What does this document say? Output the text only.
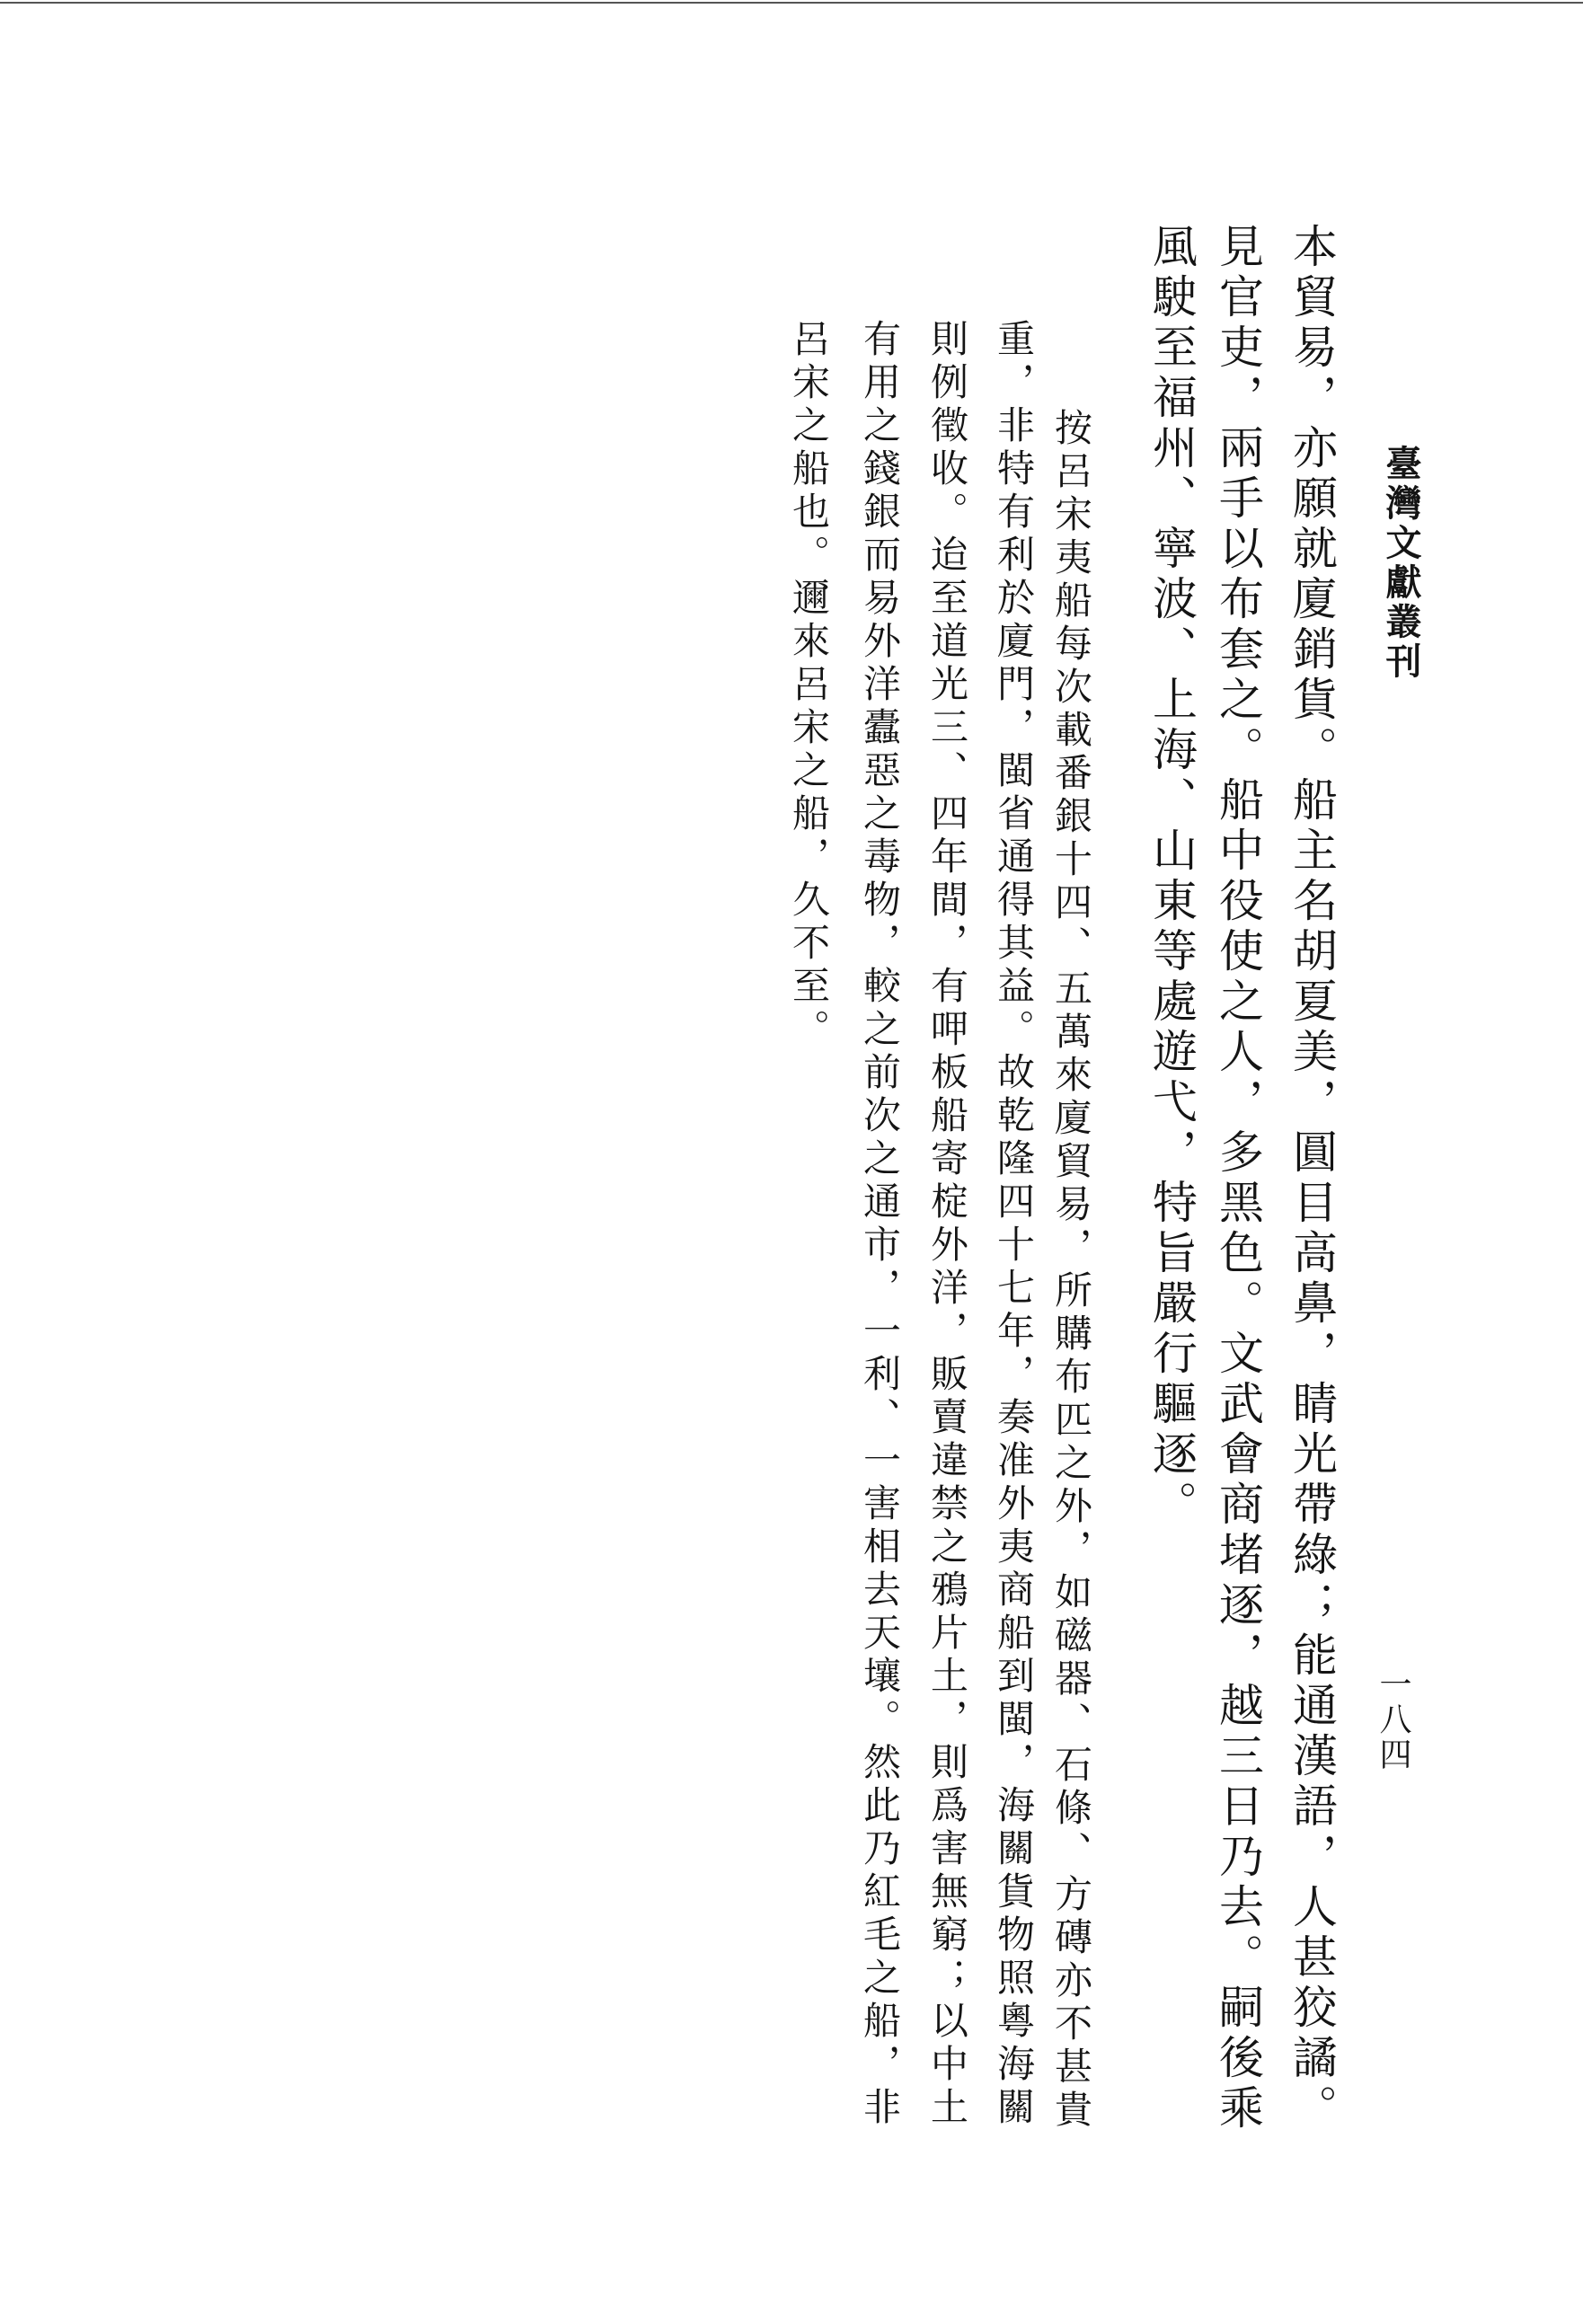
臺灣文獻叢刊
一八四
本貿易，亦願就廈銷貨。船主名胡夏美，圓目高鼻，睛光帶綠；能通漢語，人甚狡譎。
見官吏，兩手以布套之。船中役使之人，多黑色。文武會商堵逐，越三日乃去。嗣後乘
風駛至福州、寧波、上海、山東等處遊弋，特旨嚴行驅逐。
按呂宋夷船每次載番銀十四、五萬來廈貿易，所購布匹之外，如磁器、石條、方磚亦不甚貴
重，非特有利於廈門，閩省通得其益。故乾隆四十七年，奏准外夷商船到閩，海關貨物照粵海關
則例徵收。迨至道光三、四年間，有呷板船寄椗外洋，販賣違禁之鴉片土，則爲害無窮；以中土
有用之錢銀而易外洋蠹惡之毒物，較之前次之通市，一利、一害相去天壤。然此乃紅毛之船，非
呂宋之船也。邇來呂宋之船，久不至。
